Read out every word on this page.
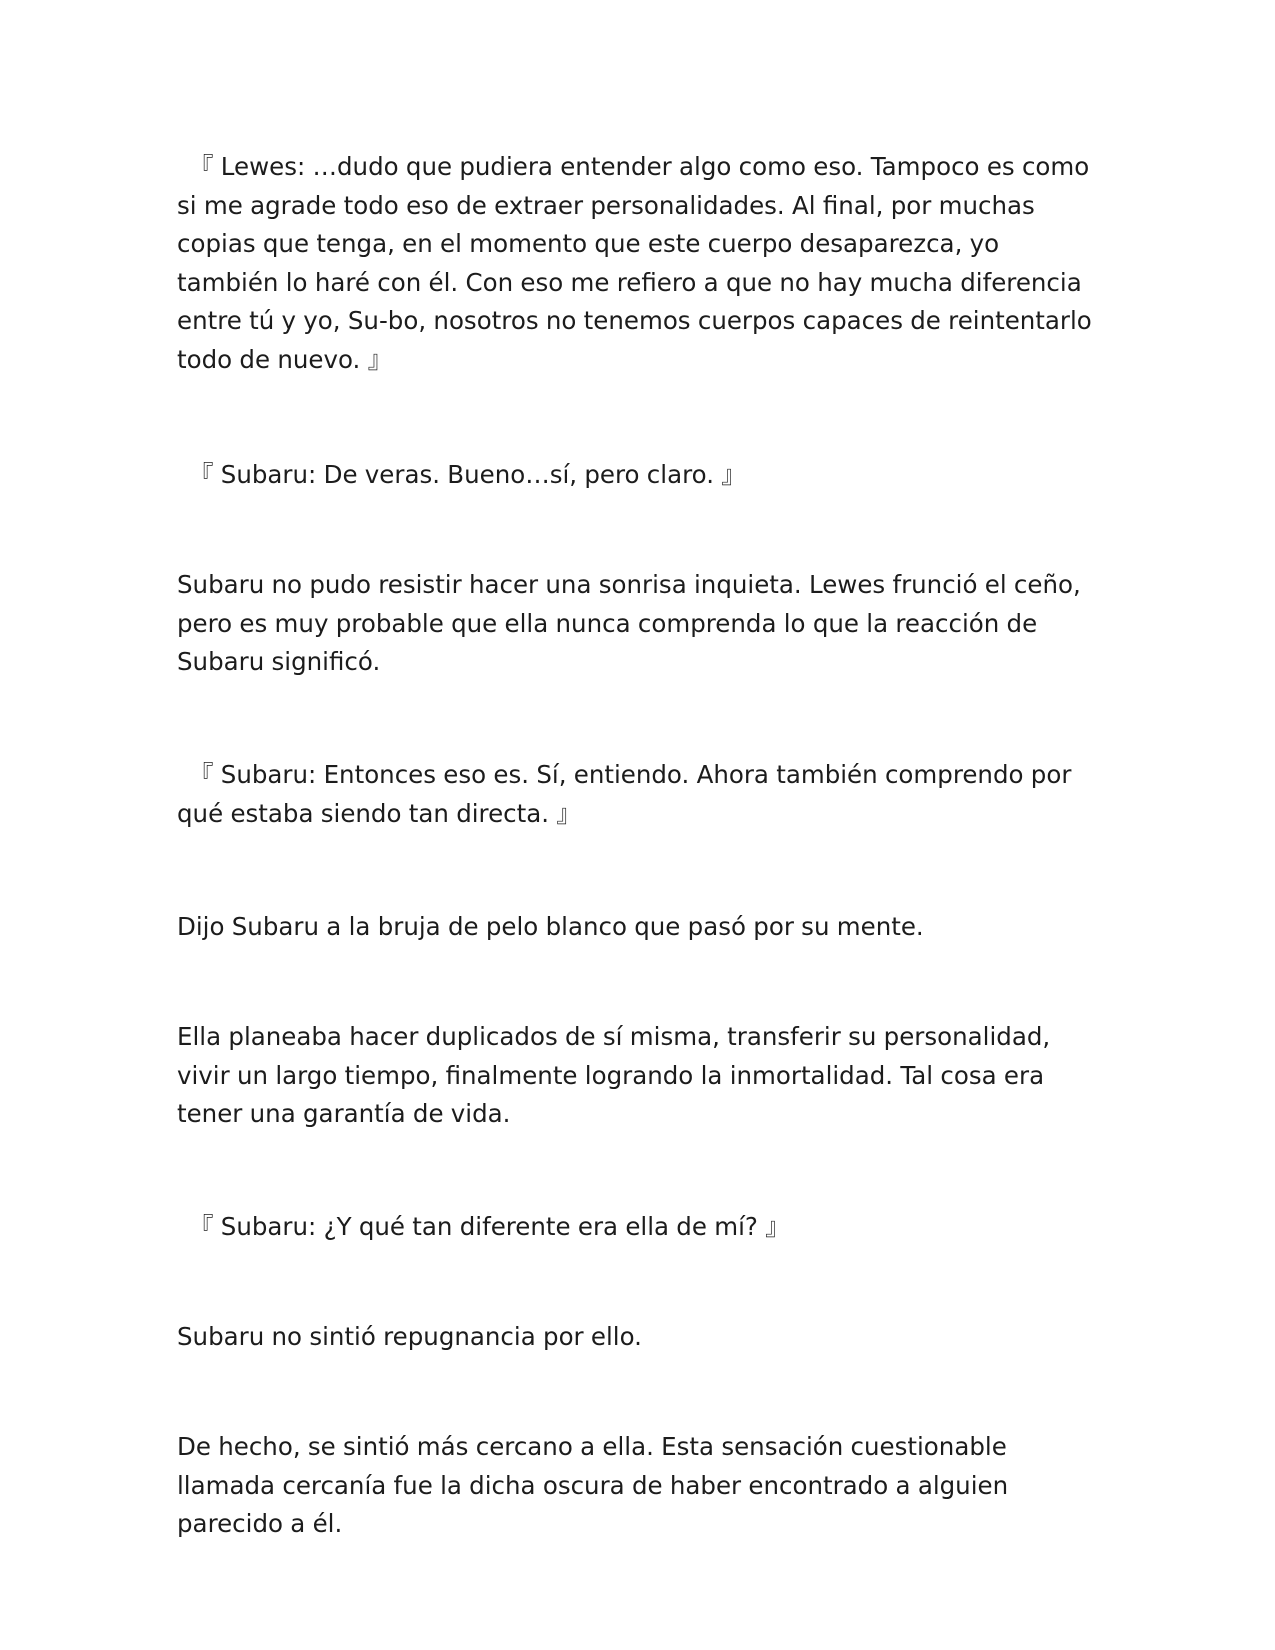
『 Lewes: …dudo que pudiera entender algo como eso. Tampoco es como si me agrade todo eso de extraer personalidades. Al final, por muchas copias que tenga, en el momento que este cuerpo desaparezca, yo también lo haré con él. Con eso me refiero a que no hay mucha diferencia entre tú y yo, Su-bo, nosotros no tenemos cuerpos capaces de reintentarlo todo de nuevo. 』

『 Subaru: De veras. Bueno…sí, pero claro. 』

Subaru no pudo resistir hacer una sonrisa inquieta. Lewes frunció el ceño, pero es muy probable que ella nunca comprenda lo que la reacción de Subaru significó.

『 Subaru: Entonces eso es. Sí, entiendo. Ahora también comprendo por qué estaba siendo tan directa. 』

Dijo Subaru a la bruja de pelo blanco que pasó por su mente.

Ella planeaba hacer duplicados de sí misma, transferir su personalidad, vivir un largo tiempo, finalmente logrando la inmortalidad. Tal cosa era tener una garantía de vida.

『 Subaru: ¿Y qué tan diferente era ella de mí? 』

Subaru no sintió repugnancia por ello.

De hecho, se sintió más cercano a ella. Esta sensación cuestionable llamada cercanía fue la dicha oscura de haber encontrado a alguien parecido a él.
